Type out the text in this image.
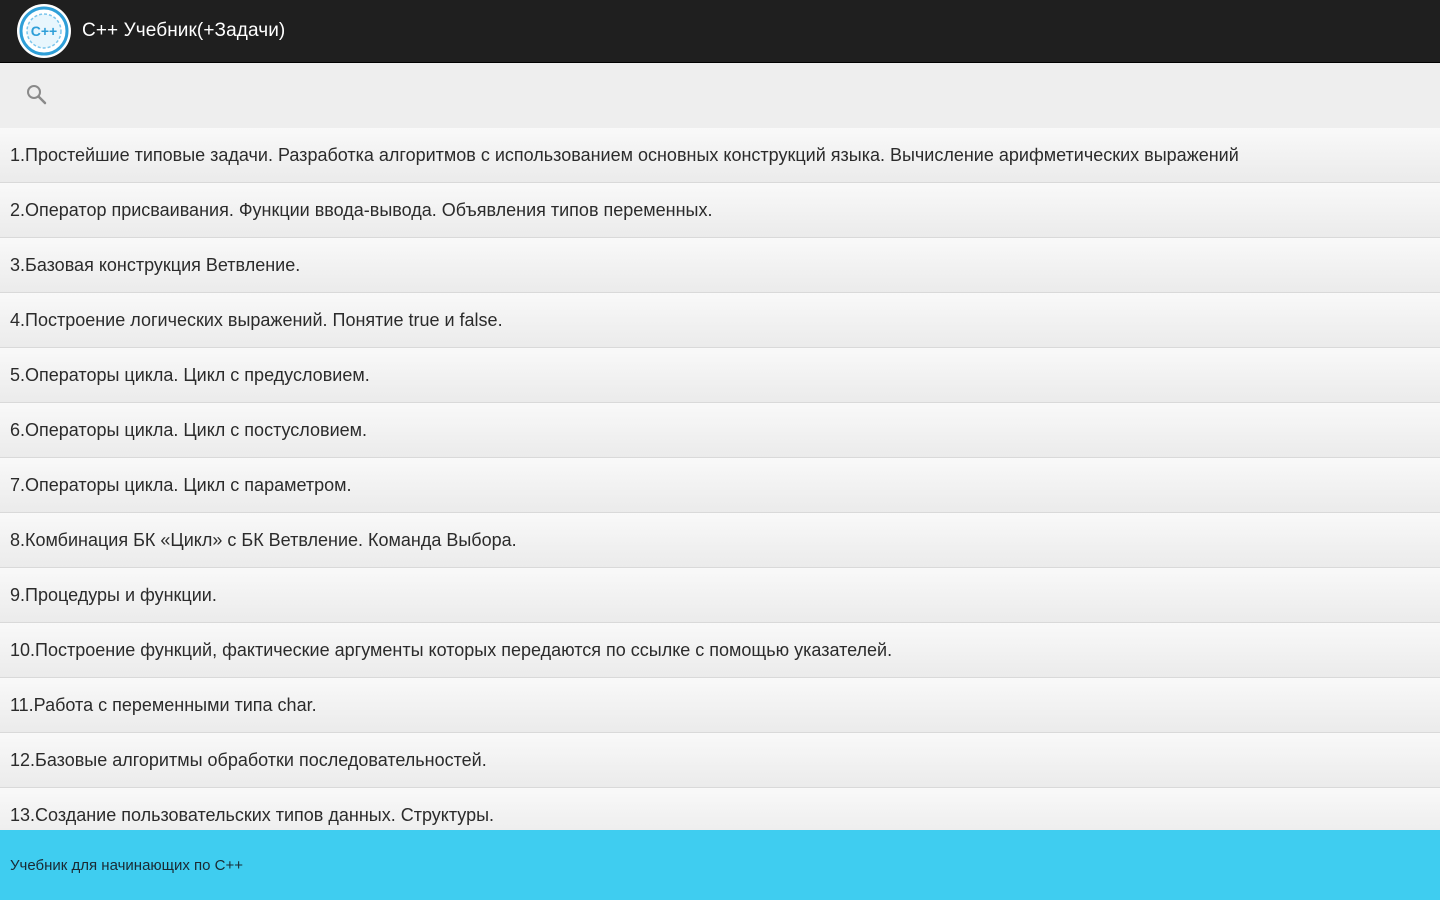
C++ C++ Учебник(+Задачи)
1.Простейшие типовые задачи. Разработка алгоритмов с использованием основных конструкций языка. Вычисление арифметических выражений
2.Оператор присваивания. Функции ввода-вывода. Объявления типов переменных.
3.Базовая конструкция Ветвление.
4.Построение логических выражений. Понятие true и false.
5.Операторы цикла. Цикл с предусловием.
6.Операторы цикла. Цикл с постусловием.
7.Операторы цикла. Цикл с параметром.
8.Комбинация БК «Цикл» с БК Ветвление. Команда Выбора.
9.Процедуры и функции.
10.Построение функций, фактические аргументы которых передаются по ссылке с помощью указателей.
11.Работа с переменными типа char.
12.Базовые алгоритмы обработки последовательностей.
13.Создание пользовательских типов данных. Структуры.
Учебник для начинающих по C++
